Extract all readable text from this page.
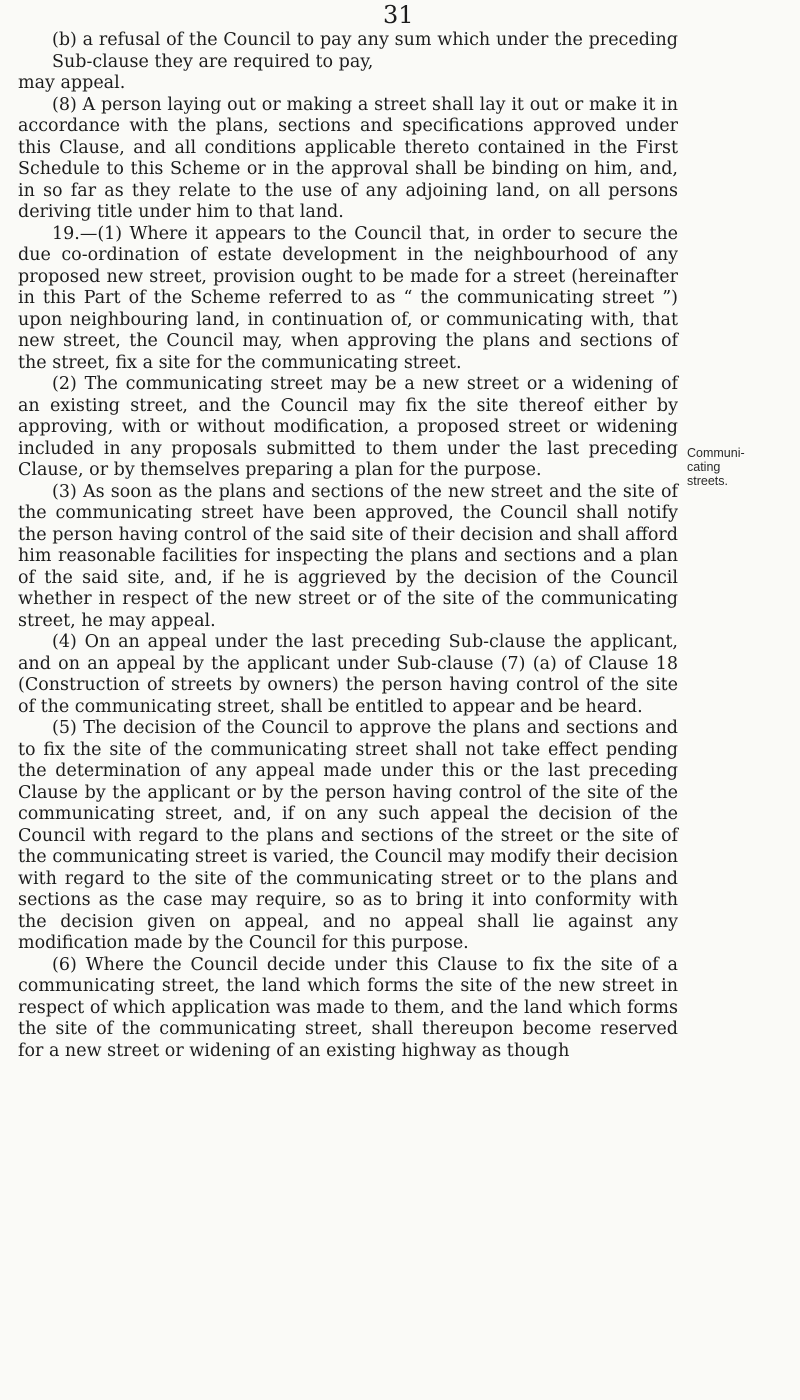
31

(b) a refusal of the Council to pay any sum which under the preceding Sub-clause they are required to pay,

may appeal.

(8) A person laying out or making a street shall lay it out or make it in accordance with the plans, sections and specifications approved under this Clause, and all conditions applicable thereto contained in the First Schedule to this Scheme or in the approval shall be binding on him, and, in so far as they relate to the use of any adjoining land, on all persons deriving title under him to that land.

19.—(1) Where it appears to the Council that, in order to secure the due co-ordination of estate development in the neighbourhood of any proposed new street, provision ought to be made for a street (hereinafter in this Part of the Scheme referred to as “ the communicating street ”) upon neighbouring land, in continuation of, or communicating with, that new street, the Council may, when approving the plans and sections of the street, fix a site for the communicating street.

(2) The communicating street may be a new street or a widening of an existing street, and the Council may fix the site thereof either by approving, with or without modification, a proposed street or widening included in any proposals submitted to them under the last preceding Clause, or by themselves preparing a plan for the purpose.

(3) As soon as the plans and sections of the new street and the site of the communicating street have been approved, the Council shall notify the person having control of the said site of their decision and shall afford him reasonable facilities for inspecting the plans and sections and a plan of the said site, and, if he is aggrieved by the decision of the Council whether in respect of the new street or of the site of the communicating street, he may appeal.

(4) On an appeal under the last preceding Sub-clause the applicant, and on an appeal by the applicant under Sub-clause (7) (a) of Clause 18 (Construction of streets by owners) the person having control of the site of the communicating street, shall be entitled to appear and be heard.

(5) The decision of the Council to approve the plans and sections and to fix the site of the communicating street shall not take effect pending the determination of any appeal made under this or the last preceding Clause by the applicant or by the person having control of the site of the communicating street, and, if on any such appeal the decision of the Council with regard to the plans and sections of the street or the site of the communicating street is varied, the Council may modify their decision with regard to the site of the communicating street or to the plans and sections as the case may require, so as to bring it into conformity with the decision given on appeal, and no appeal shall lie against any modification made by the Council for this purpose.

(6) Where the Council decide under this Clause to fix the site of a communicating street, the land which forms the site of the new street in respect of which application was made to them, and the land which forms the site of the communicating street, shall thereupon become reserved for a new street or widening of an existing highway as though

Communi-
cating
streets.
